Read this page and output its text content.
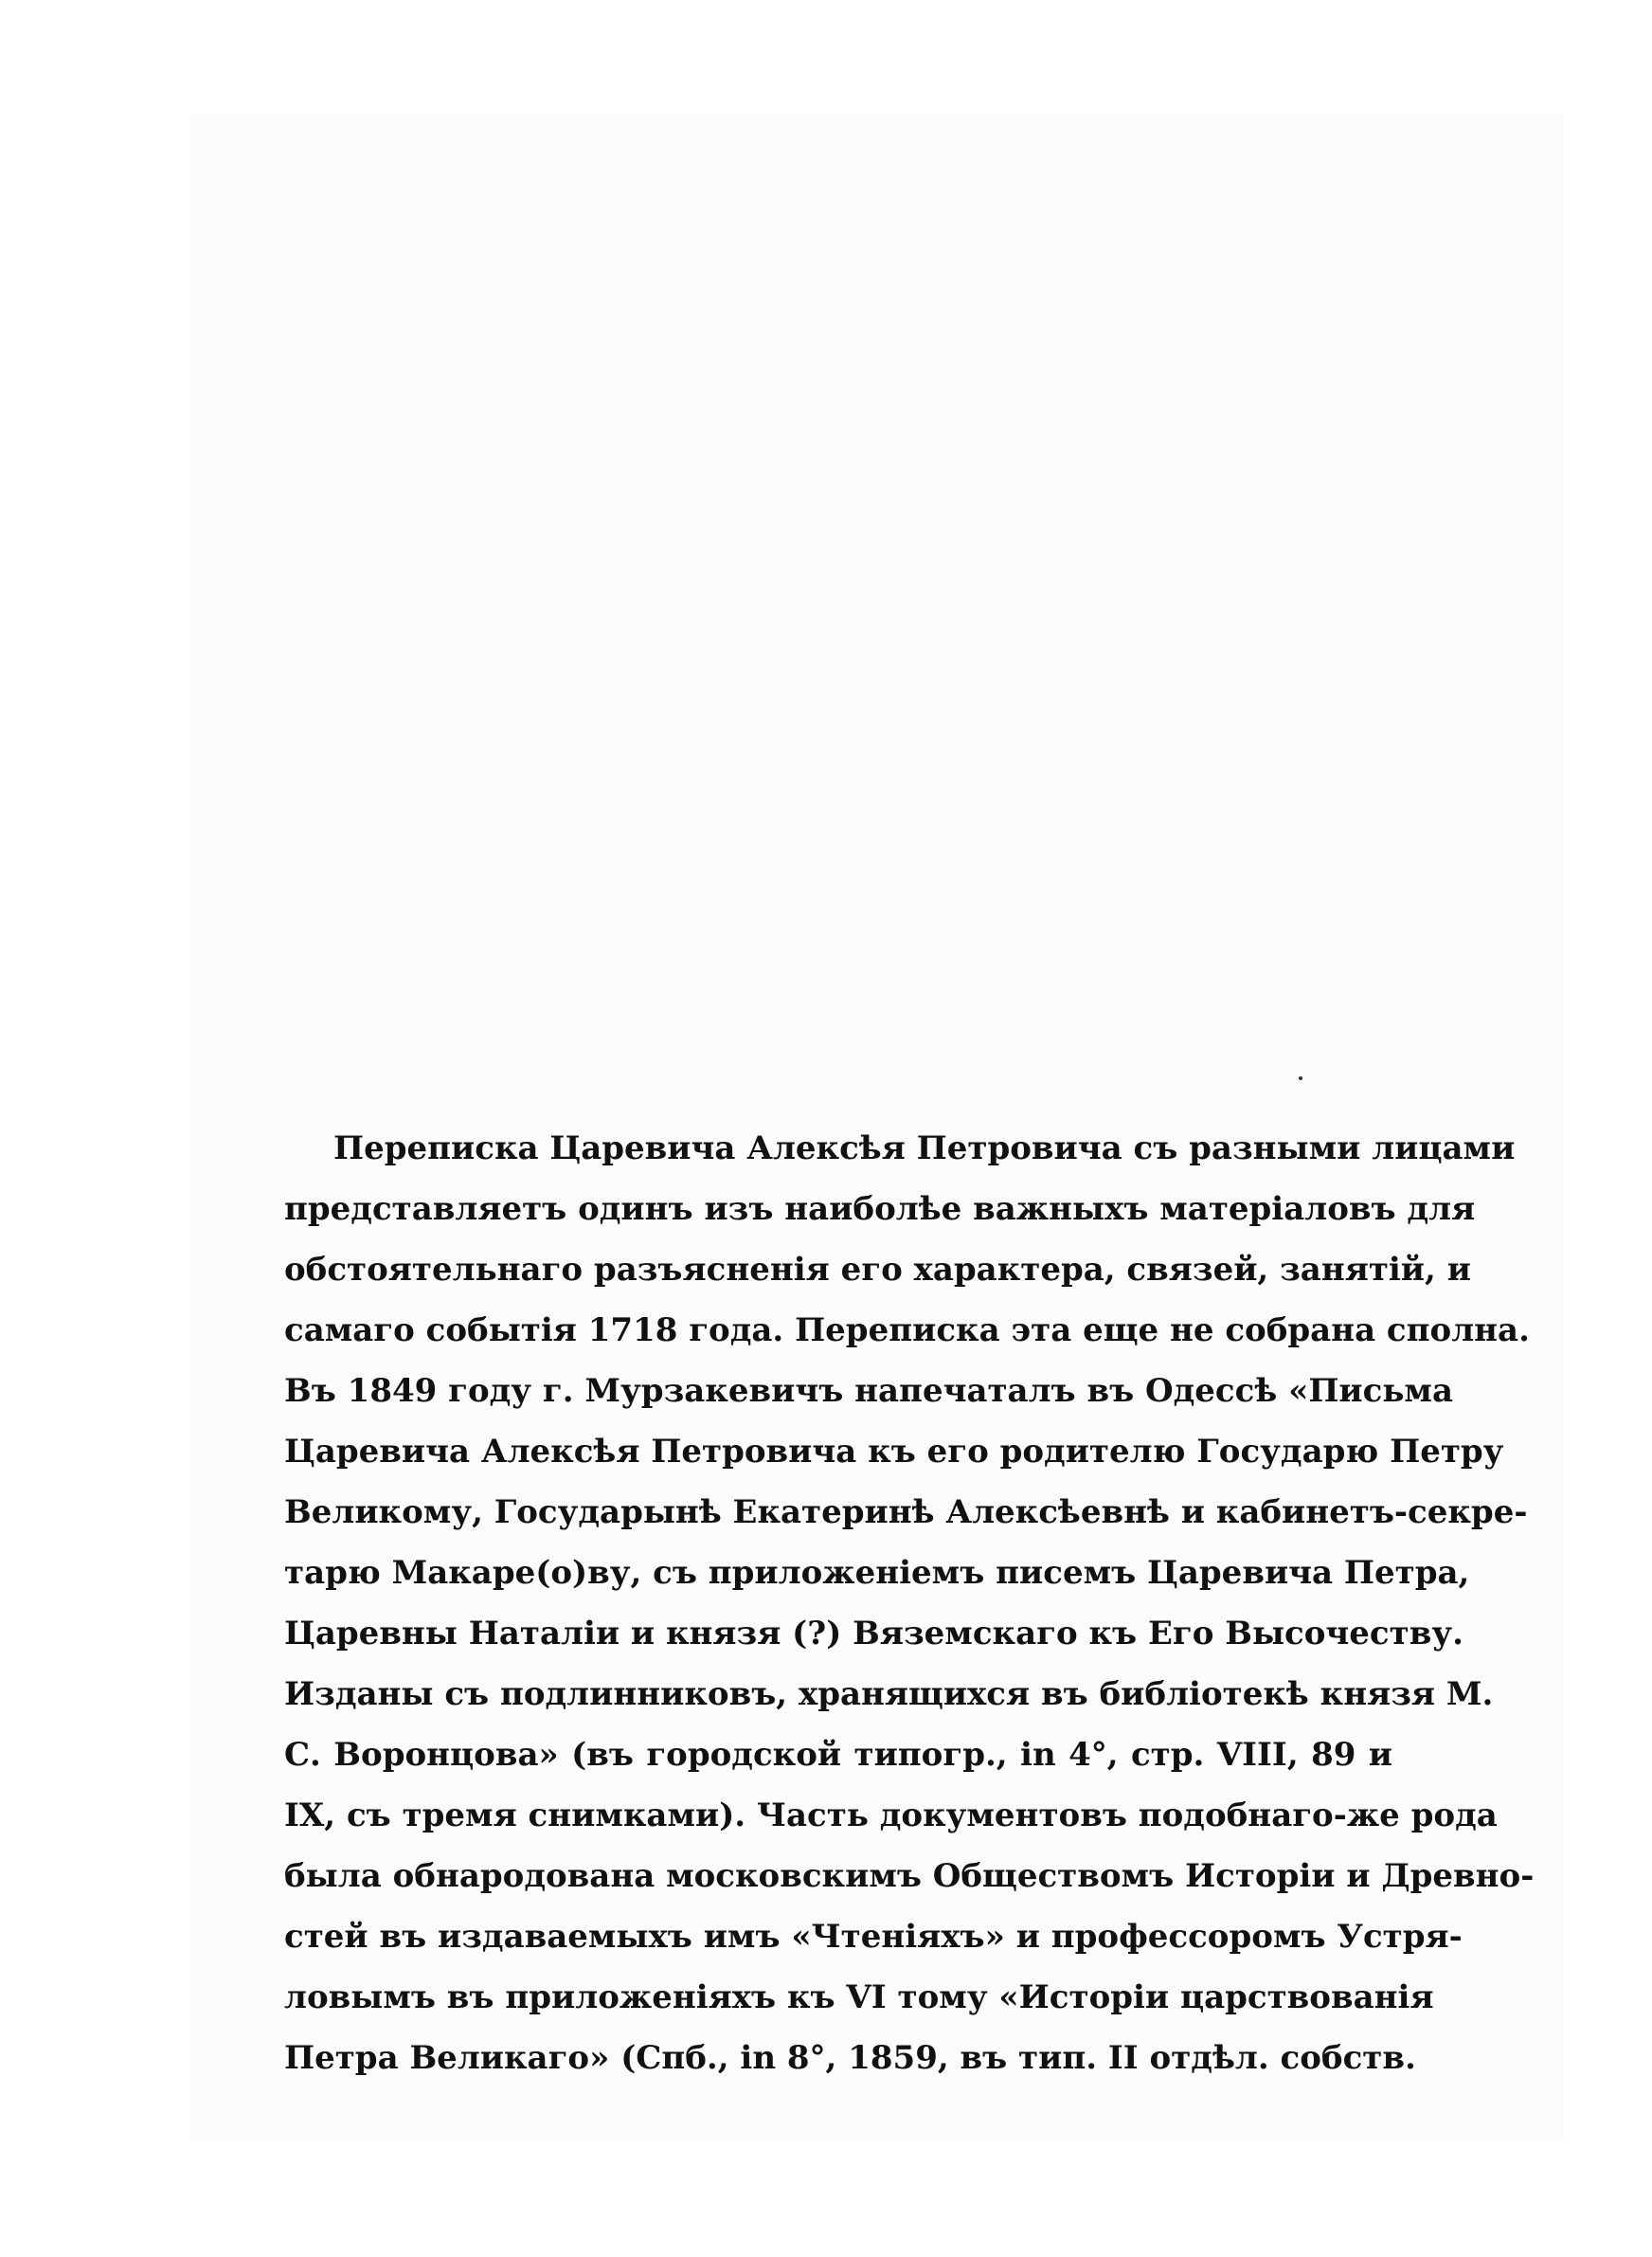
Переписка Царевича Алексѣя Петровича съ разными лицами
представляетъ одинъ изъ наиболѣе важныхъ матеріаловъ для
обстоятельнаго разъясненія его характера, связей, занятій, и
самаго событія 1718 года. Переписка эта еще не собрана сполна.
Въ 1849 году г. Мурзакевичъ напечаталъ въ Одессѣ «Письма
Царевича Алексѣя Петровича къ его родителю Государю Петру
Великому, Государынѣ Екатеринѣ Алексѣевнѣ и кабинетъ-секре-
тарю Макаре(о)ву, съ приложеніемъ писемъ Царевича Петра,
Царевны Наталіи и князя (?) Вяземскаго къ Его Высочеству.
Изданы съ подлинниковъ, хранящихся въ библіотекѣ князя М.
С. Воронцова» (въ городской типогр., in 4°, стр. VIII, 89 и
IX, съ тремя снимками). Часть документовъ подобнаго-же рода
была обнародована московскимъ Обществомъ Исторіи и Древно-
стей въ издаваемыхъ имъ «Чтеніяхъ» и профессоромъ Устря-
ловымъ въ приложеніяхъ къ VI тому «Исторіи царствованія
Петра Великаго» (Спб., in 8°, 1859, въ тип. II отдѣл. собств.
